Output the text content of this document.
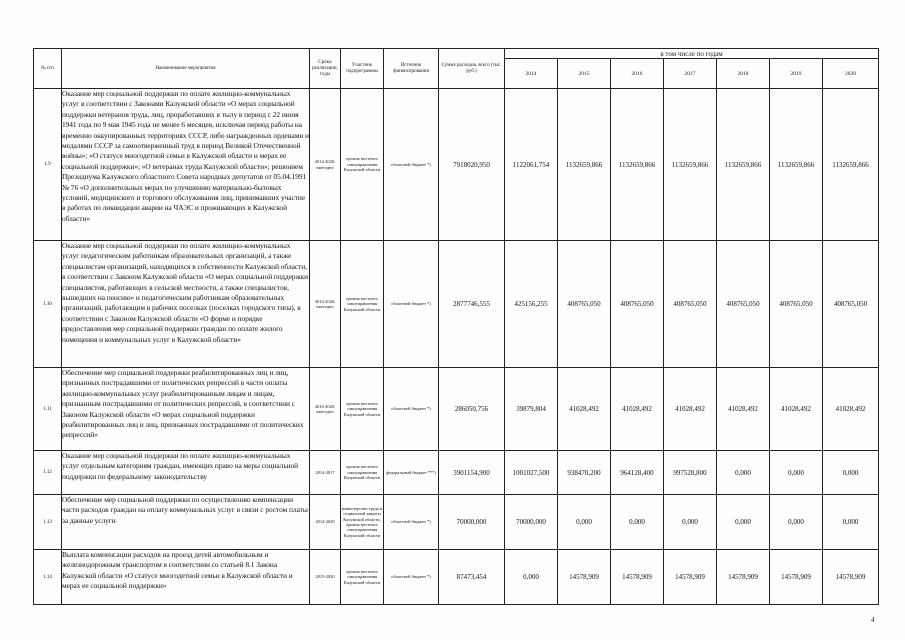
№ п/п	Наименование мероприятия	Сроки реализации, годы	Участник подпрограммы	Источник финансирования	Сумма расходов, всего (тыс. руб.)	в том числе по годам						
						2014	2015	2016	2017	2018	2019	2020
1.9	Оказание мер социальной поддержки по оплате жилищно-коммунальных услуг в соответствии с Законами Калужской области «О мерах социальной поддержки ветеранов труда, лиц, проработавших в тылу в период с 22 июня 1941 года по 9 мая 1945 года не менее 6 месяцев, исключая период работы на временно оккупированных территориях СССР, либо награжденных орденами и медалями СССР за самоотверженный труд в период Великой Отечественной войны»; «О статусе многодетной семьи в Калужской области и мерах ее социальной поддержки»; «О ветеранах труда Калужской области»; решением Президиума Калужского областного Совета народных депутатов от 05.04.1991 № 76 «О дополнительных мерах по улучшению материально-бытовых условий, медицинского и торгового обслуживания лиц, принимавших участие в работах по ликвидации аварии на ЧАЭС и проживающих в Калужской области»	2014-2020, ежегодно	органы местного самоуправления Калужской области	областной бюджет *)	7918020,950	1122061,754	1132659,866	1132659,866	1132659,866	1132659,866	1132659,866	1132659,866
1.10	Оказание мер социальной поддержки по оплате жилищно-коммунальных услуг педагогическим работникам образовательных организаций, а также специалистам организаций, находящихся в собственности Калужской области, в соответствии с Законом Калужской области «О мерах социальной поддержки специалистов, работающих в сельской местности, а также специалистов, вышедших на пенсию» и педагогическим работникам образовательных организаций, работающим в рабочих поселках (поселках городского типа), в соответствии с Законом Калужской области «О форме и порядке предоставления мер социальной поддержки граждан по оплате жилого помещения и коммунальных услуг в Калужской области»	2014-2020, ежегодно	органы местного самоуправления Калужской области	областной бюджет *)	2877746,555	425156,255	408765,050	408765,050	408765,050	408765,050	408765,050	408765,050
1.11	Обеспечение мер социальной поддержки реабилитированных лиц и лиц, признанных пострадавшими от политических репрессий в части оплаты жилищно-коммунальных услуг реабилитированным лицам и лицам, признанным пострадавшими от политических репрессий, в соответствии с Законом Калужской области «О мерах социальной поддержки реабилитированных лиц и лиц, признанных пострадавшими от политических репрессий»	2014-2020, ежегодно	органы местного самоуправления Калужской области	областной бюджет *)	286050,756	39879,804	41028,492	41028,492	41028,492	41028,492	41028,492	41028,492
1.12	Оказание мер социальной поддержки по оплате жилищно-коммунальных услуг отдельным категориям граждан, имеющих право на меры социальной поддержки по федеральному законодательству	2014-2017	органы местного самоуправления Калужской области	федеральный бюджет ***)	3901154,900	1001027,500	938470,200	964128,400	997528,800	0,000	0,000	0,000
1.13	Обеспечение мер социальной поддержки по осуществлению компенсации части расходов граждан на оплату коммунальных услуг в связи с ростом платы за данные услуги	2014-2020	министерство труда и социальной защиты Калужской области, органы местного самоуправления Калужской области	областной бюджет *)	70000,000	70000,000	0,000	0,000	0,000	0,000	0,000	0,000
1.14	Выплата компенсации расходов на проезд детей автомобильным и железнодорожным транспортом в соответствии со статьей 8.1 Закона Калужской области «О статусе многодетной семьи в Калужской области и мерах ее социальной поддержки»	2015-2020	органы местного самоуправления Калужской области	областной бюджет *)	87473,454	0,000	14578,909	14578,909	14578,909	14578,909	14578,909	14578,909
4
